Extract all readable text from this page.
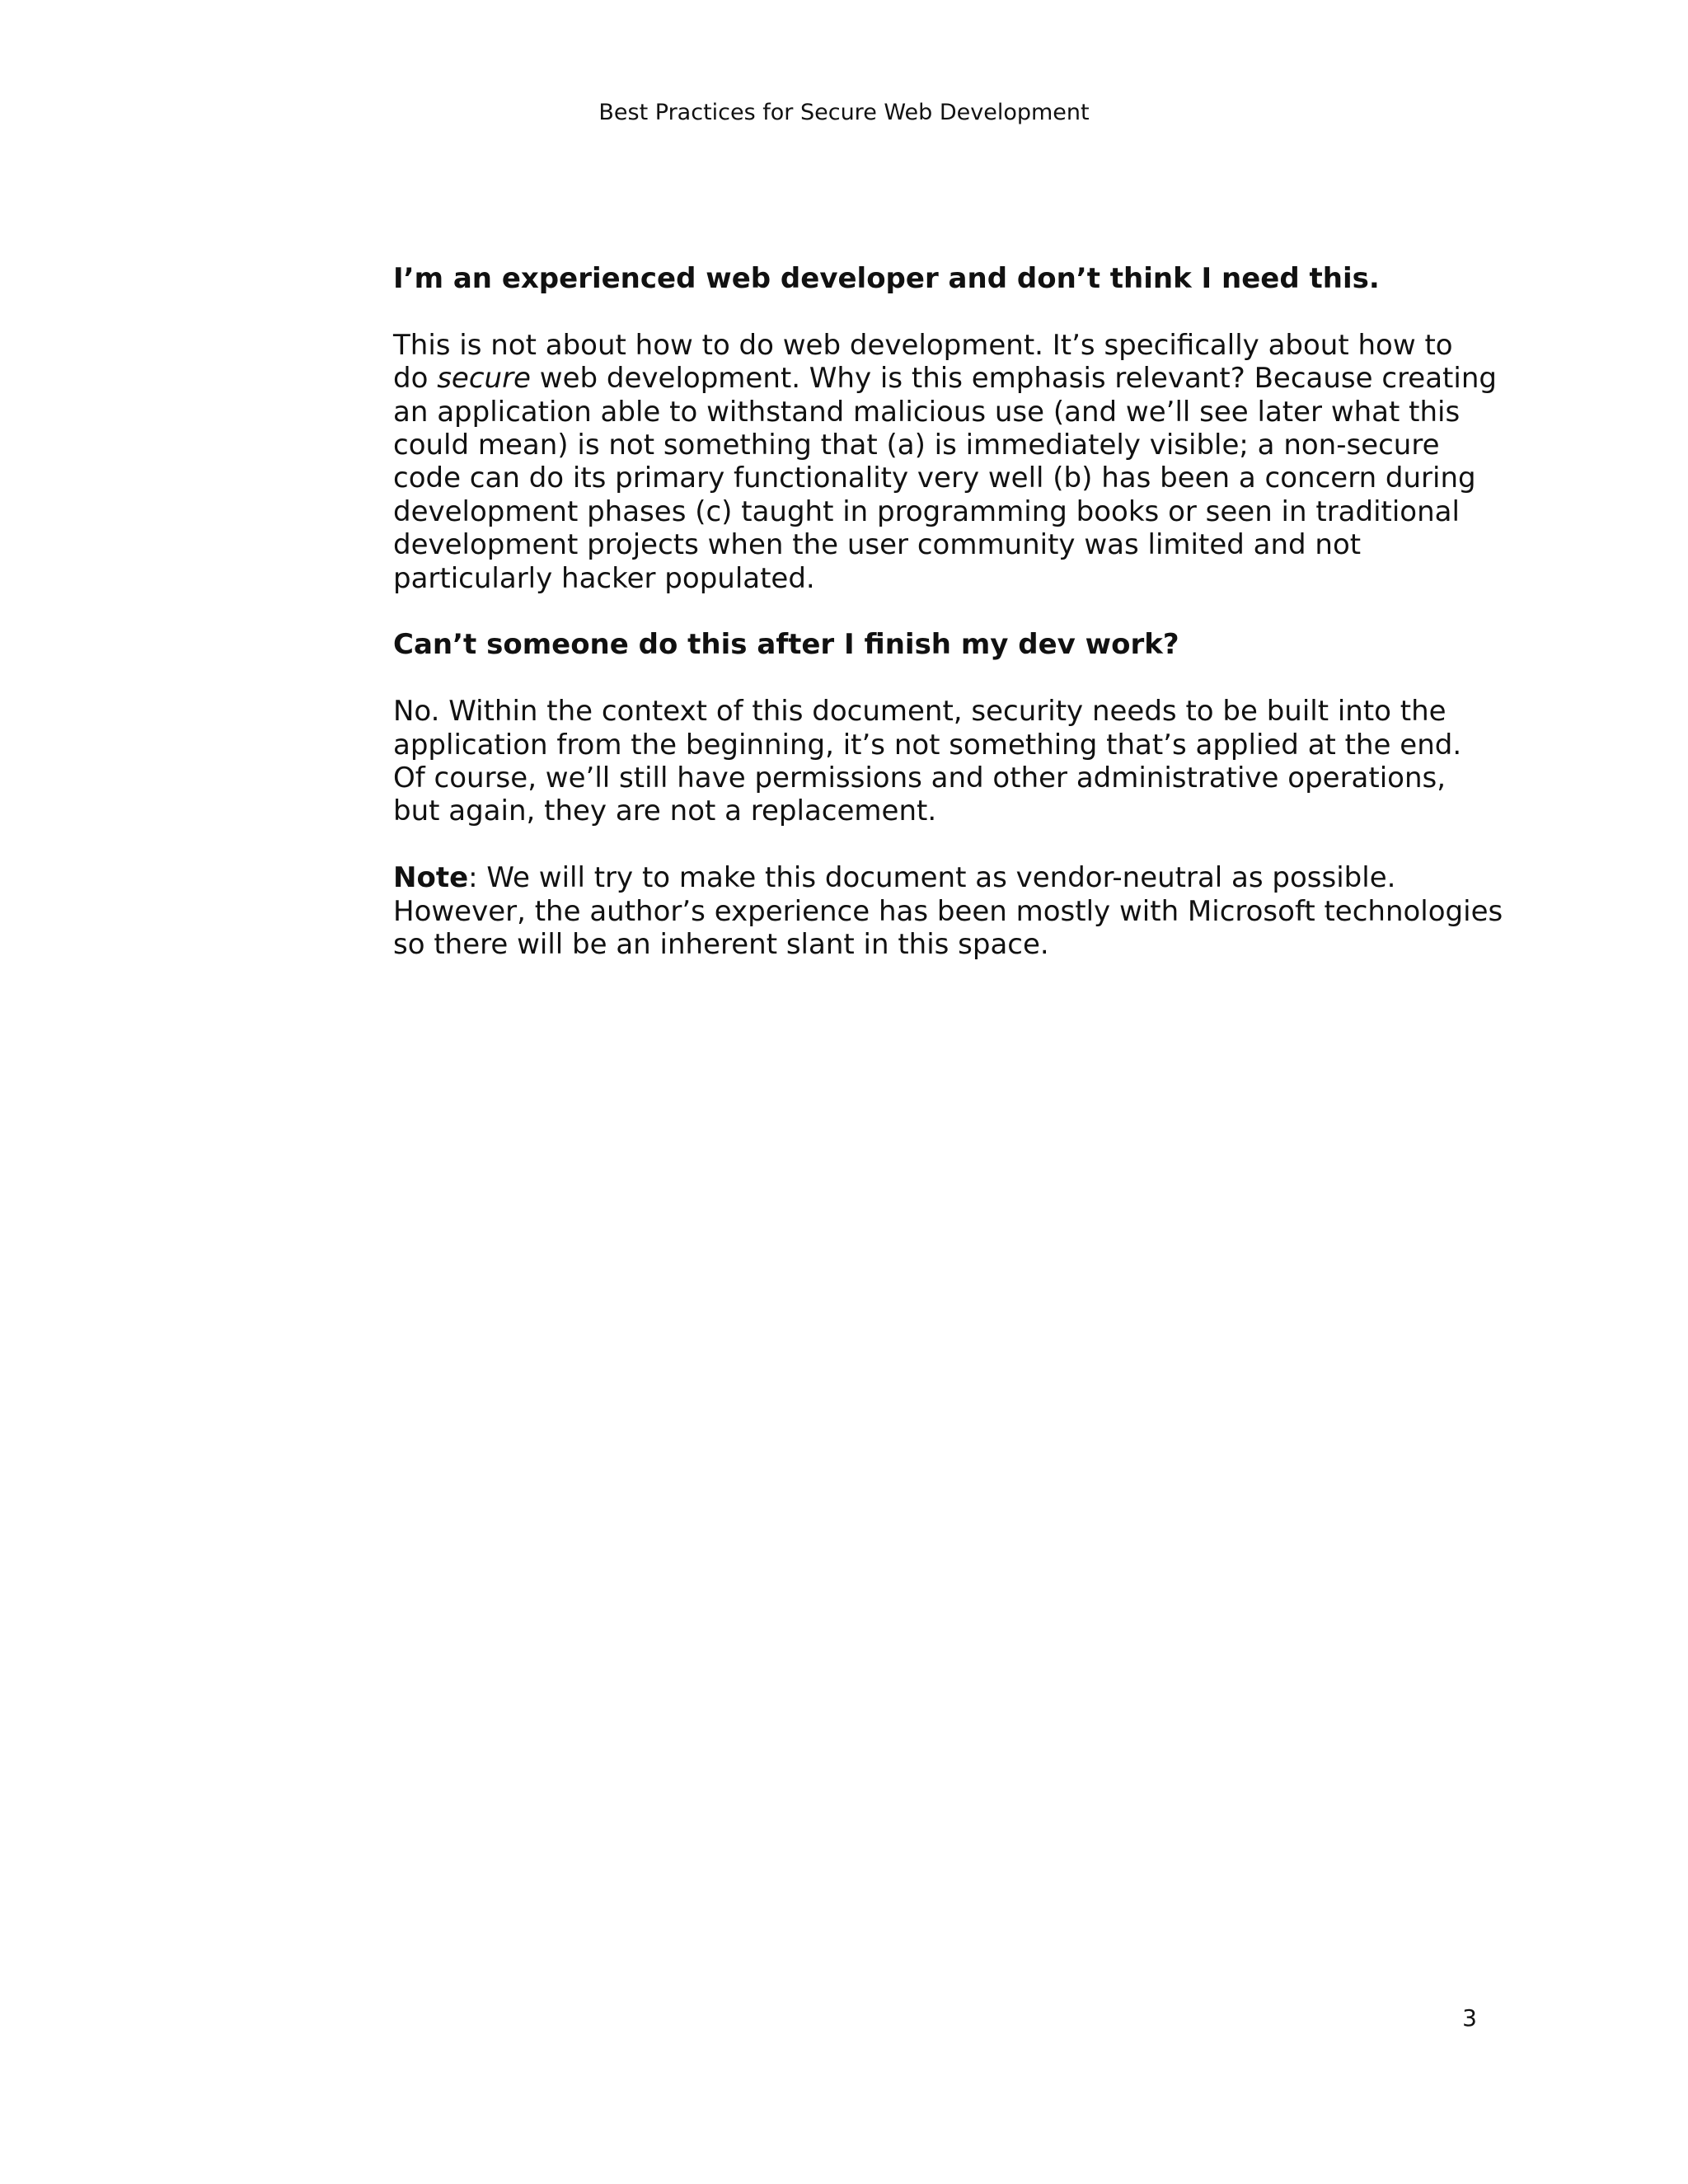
Best Practices for Secure Web Development
I’m an experienced web developer and don’t think I need this.

This is not about how to do web development. It’s specifically about how to
do secure web development. Why is this emphasis relevant? Because creating
an application able to withstand malicious use (and we’ll see later what this
could mean) is not something that (a) is immediately visible; a non-secure
code can do its primary functionality very well (b) has been a concern during
development phases (c) taught in programming books or seen in traditional
development projects when the user community was limited and not
particularly hacker populated.

Can’t someone do this after I finish my dev work?

No. Within the context of this document, security needs to be built into the
application from the beginning, it’s not something that’s applied at the end.
Of course, we’ll still have permissions and other administrative operations,
but again, they are not a replacement.

Note: We will try to make this document as vendor-neutral as possible.
However, the author’s experience has been mostly with Microsoft technologies
so there will be an inherent slant in this space.

3
